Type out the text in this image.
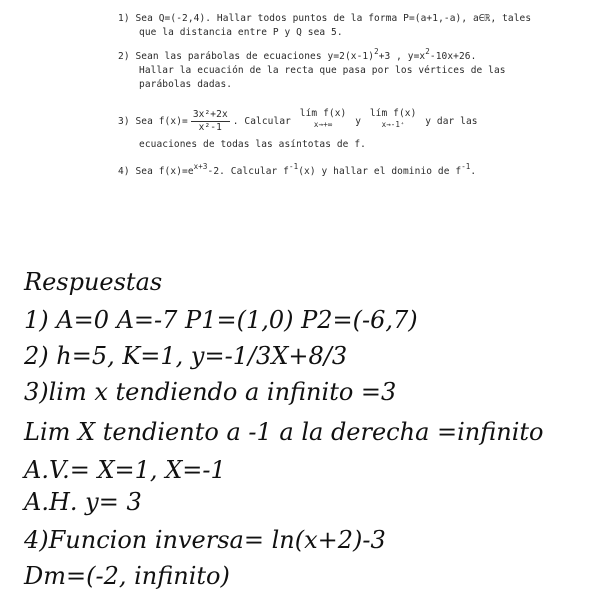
1) Sea Q=(-2,4). Hallar todos puntos de la forma P=(a+1,-a), a∈ℝ, tales
que la distancia entre P y Q sea 5.
2) Sean las parábolas de ecuaciones $y=2(x-1)^2+3$ , $y=x^2-10x+26$.
Hallar la ecuación de la recta que pasa por los vértices de las
parábolas dadas.
3) Sea $f(x)= \frac{\text{3x²+2x}}{\text{x²-1}}$ . Calcular lím f(x)
x→+∞	y lím f(x)
x→-1⁺	y dar las
ecuaciones de todas las asíntotas de f.
4) Sea $f(x)=e^{x+3}-2$. Calcular $f^{-1}(x)$ y hallar el dominio de $f^{-1}$.
Respuestas
1) A=0 A=-7 P1=(1,0) P2=(-6,7)
2) h=5, K=1, y=-1/3X+8/3
3)lim x tendiendo a infinito =3
Lim X tendiento a -1 a la derecha =infinito
A.V.= X=1, X=-1
A.H. y= 3
4)Funcion inversa= ln(x+2)-3
Dm=(-2, infinito)
